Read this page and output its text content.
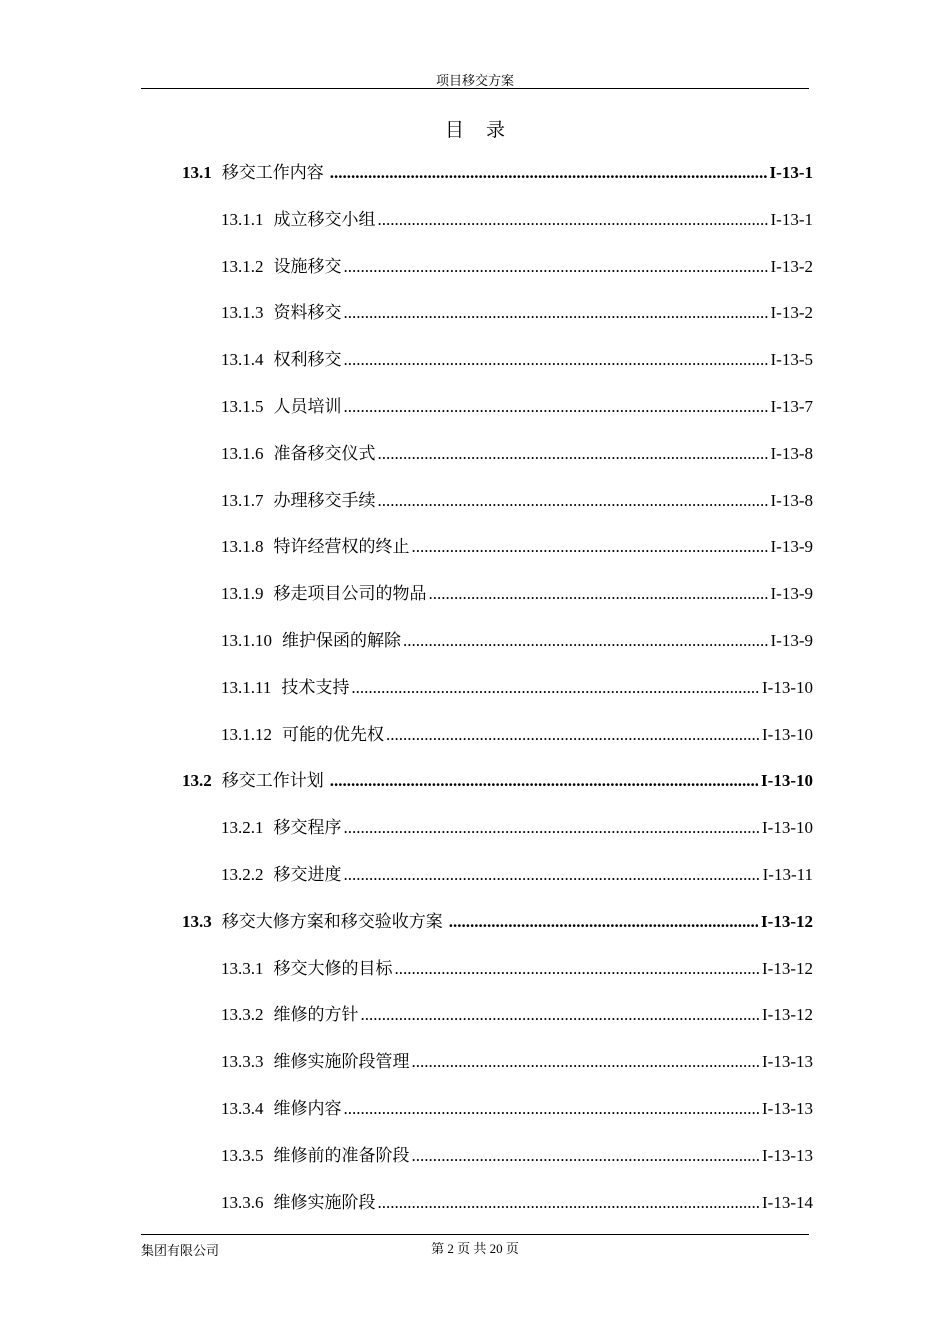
项目移交方案
目录
13.1 移交工作内容 .....	I-13-1
13.1.1 成立移交小组 .....	I-13-1
13.1.2 设施移交 .....	I-13-2
13.1.3 资料移交 .....	I-13-2
13.1.4 权利移交 .....	I-13-5
13.1.5 人员培训 .....	I-13-7
13.1.6 准备移交仪式 .....	I-13-8
13.1.7 办理移交手续 .....	I-13-8
13.1.8 特许经营权的终止 .....	I-13-9
13.1.9 移走项目公司的物品 .....	I-13-9
13.1.10 维护保函的解除 .....	I-13-9
13.1.11 技术支持 .....	I-13-10
13.1.12 可能的优先权 .....	I-13-10
13.2 移交工作计划 .....	I-13-10
13.2.1 移交程序 .....	I-13-10
13.2.2 移交进度 .....	I-13-11
13.3 移交大修方案和移交验收方案 .....	I-13-12
13.3.1 移交大修的目标 .....	I-13-12
13.3.2 维修的方针 .....	I-13-12
13.3.3 维修实施阶段管理 .....	I-13-13
13.3.4 维修内容 .....	I-13-13
13.3.5 维修前的准备阶段 .....	I-13-13
13.3.6 维修实施阶段 .....	I-13-14
集团有限公司	第 2 页 共 20 页
